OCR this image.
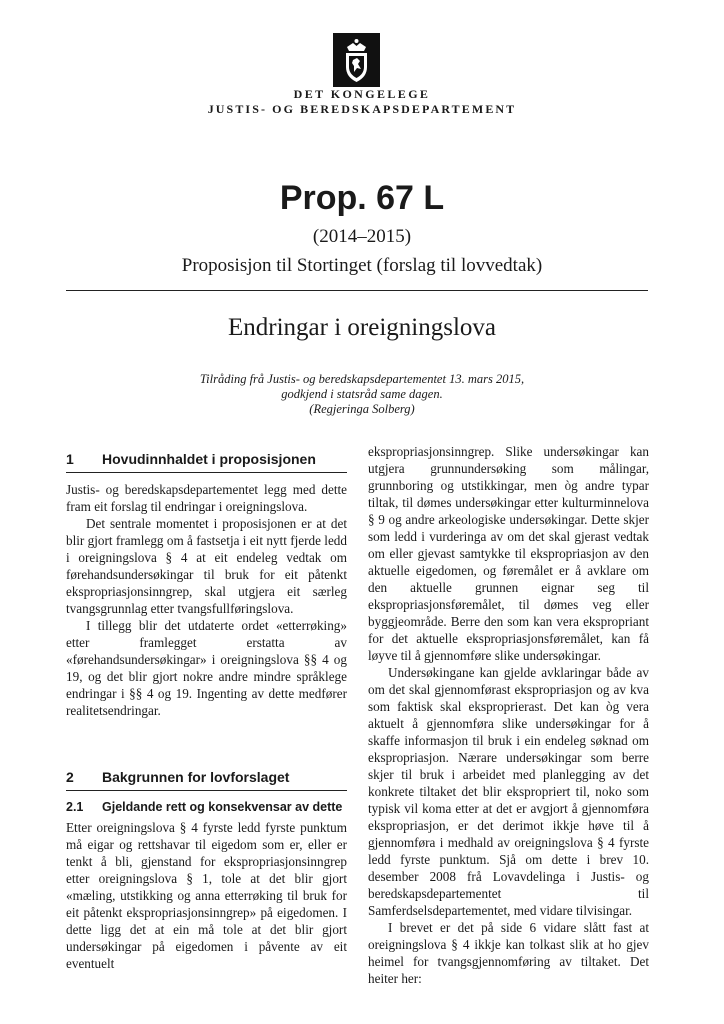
DET KONGELEGE
JUSTIS- OG BEREDSKAPSDEPARTEMENT
Prop. 67 L
(2014–2015)
Proposisjon til Stortinget (forslag til lovvedtak)
Endringar i oreigningslova
Tilråding frå Justis- og beredskapsdepartementet 13. mars 2015,
godkjend i statsråd same dagen.
(Regjeringa Solberg)
1 Hovudinnhaldet i proposisjonen

Justis- og beredskapsdepartementet legg med dette fram eit forslag til endringar i oreigningslova.

Det sentrale momentet i proposisjonen er at det blir gjort framlegg om å fastsetja i eit nytt fjerde ledd i oreigningslova § 4 at eit endeleg vedtak om førehandsundersøkingar til bruk for eit påtenkt ekspropriasjonsinngrep, skal utgjera eit særleg tvangsgrunnlag etter tvangsfullføringslova.

I tillegg blir det utdaterte ordet «etterrøking» etter framlegget erstatta av «førehandsundersøkingar» i oreigningslova §§ 4 og 19, og det blir gjort nokre andre mindre språklege endringar i §§ 4 og 19. Ingenting av dette medfører realitetsendringar.

2 Bakgrunnen for lovforslaget
2.1 Gjeldande rett og konsekvensar av dette

Etter oreigningslova § 4 fyrste ledd fyrste punktum må eigar og rettshavar til eigedom som er, eller er tenkt å bli, gjenstand for ekspropriasjonsinngrep etter oreigningslova § 1, tole at det blir gjort «mæling, utstikking og anna etterrøking til bruk for eit påtenkt ekspropriasjonsinngrep» på eigedomen. I dette ligg det at ein må tole at det blir gjort undersøkingar på eigedomen i påvente av eit eventuelt

ekspropriasjonsinngrep. Slike undersøkingar kan utgjera grunnundersøking som målingar, grunnboring og utstikkingar, men òg andre typar tiltak, til dømes undersøkingar etter kulturminnelova § 9 og andre arkeologiske undersøkingar. Dette skjer som ledd i vurderinga av om det skal gjerast vedtak om eller gjevast samtykke til ekspropriasjon av den aktuelle eigedomen, og føremålet er å avklare om den aktuelle grunnen eignar seg til ekspropriasjonsføremålet, til dømes veg eller byggjeområde. Berre den som kan vera ekspropriant for det aktuelle ekspropriasjonsføremålet, kan få løyve til å gjennomføre slike undersøkingar.

Undersøkingane kan gjelde avklaringar både av om det skal gjennomførast ekspropriasjon og av kva som faktisk skal eksproprierast. Det kan òg vera aktuelt å gjennomføra slike undersøkingar for å skaffe informasjon til bruk i ein endeleg søknad om ekspropriasjon. Nærare undersøkingar som berre skjer til bruk i arbeidet med planlegging av det konkrete tiltaket det blir ekspropriert til, noko som typisk vil koma etter at det er avgjort å gjennomføra ekspropriasjon, er det derimot ikkje høve til å gjennomføra i medhald av oreigningslova § 4 fyrste ledd fyrste punktum. Sjå om dette i brev 10. desember 2008 frå Lovavdelinga i Justis- og beredskapsdepartementet til Samferdselsdepartementet, med vidare tilvisingar.

I brevet er det på side 6 vidare slått fast at oreigningslova § 4 ikkje kan tolkast slik at ho gjev heimel for tvangsgjennomføring av tiltaket. Det heiter her:
